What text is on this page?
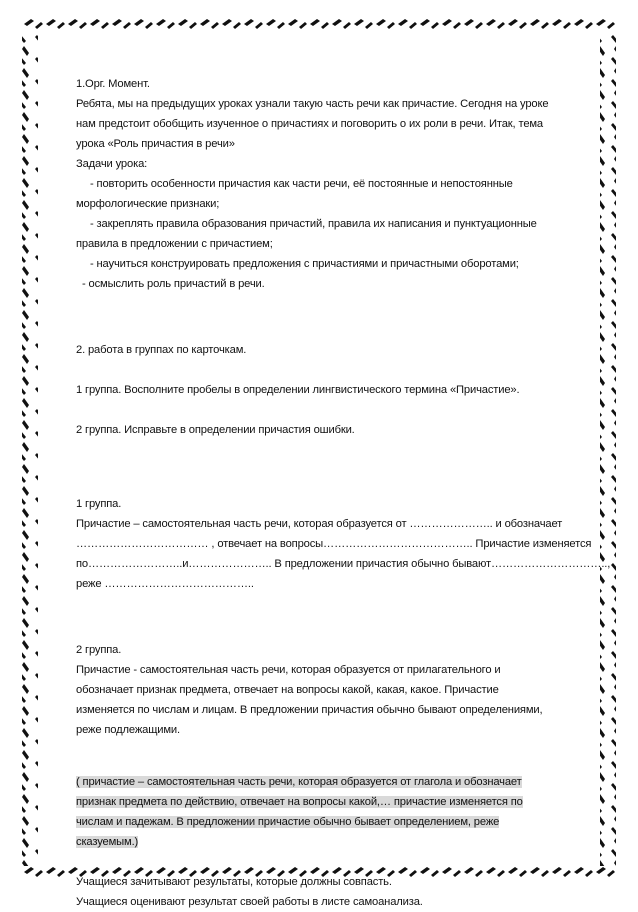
1.Орг. Момент.

Ребята, мы на предыдущих уроках узнали такую часть речи как причастие. Сегодня на уроке

нам предстоит обобщить изученное о причастиях и поговорить о их роли в речи. Итак, тема

урока «Роль причастия в речи»

Задачи урока:

- повторить особенности причастия как части речи, её постоянные и непостоянные

морфологические признаки;

- закреплять правила образования причастий, правила их написания и пунктуационные

правила в предложении с причастием;

- научиться конструировать предложения с причастиями и причастными оборотами;

- осмыслить роль причастий в речи.

2. работа в группах по карточкам.

1 группа. Восполните пробелы в определении лингвистического термина «Причастие».

2 группа. Исправьте в определении причастия ошибки.

1 группа.

Причастие – самостоятельная часть речи, которая образуется от ………………….. и обозначает

……………………………… , отвечает на вопросы………………………………….. Причастие изменяется

по……………………..и………………….. В предложении причастия обычно бывают…………………………..,

реже …………………………………..

2 группа.

Причастие - самостоятельная часть речи, которая образуется от прилагательного и

обозначает признак предмета, отвечает на вопросы какой, какая, какое. Причастие

изменяется по числам и лицам. В предложении причастия обычно бывают определениями,

реже подлежащими.

( причастие – самостоятельная часть речи, которая образуется от глагола и обозначает

признак предмета по действию, отвечает на вопросы какой,… причастие изменяется по

числам и падежам. В предложении причастие обычно бывает определением, реже

сказуемым.)

Учащиеся зачитывают результаты, которые должны совпасть.

Учащиеся оценивают результат своей работы в листе самоанализа.
